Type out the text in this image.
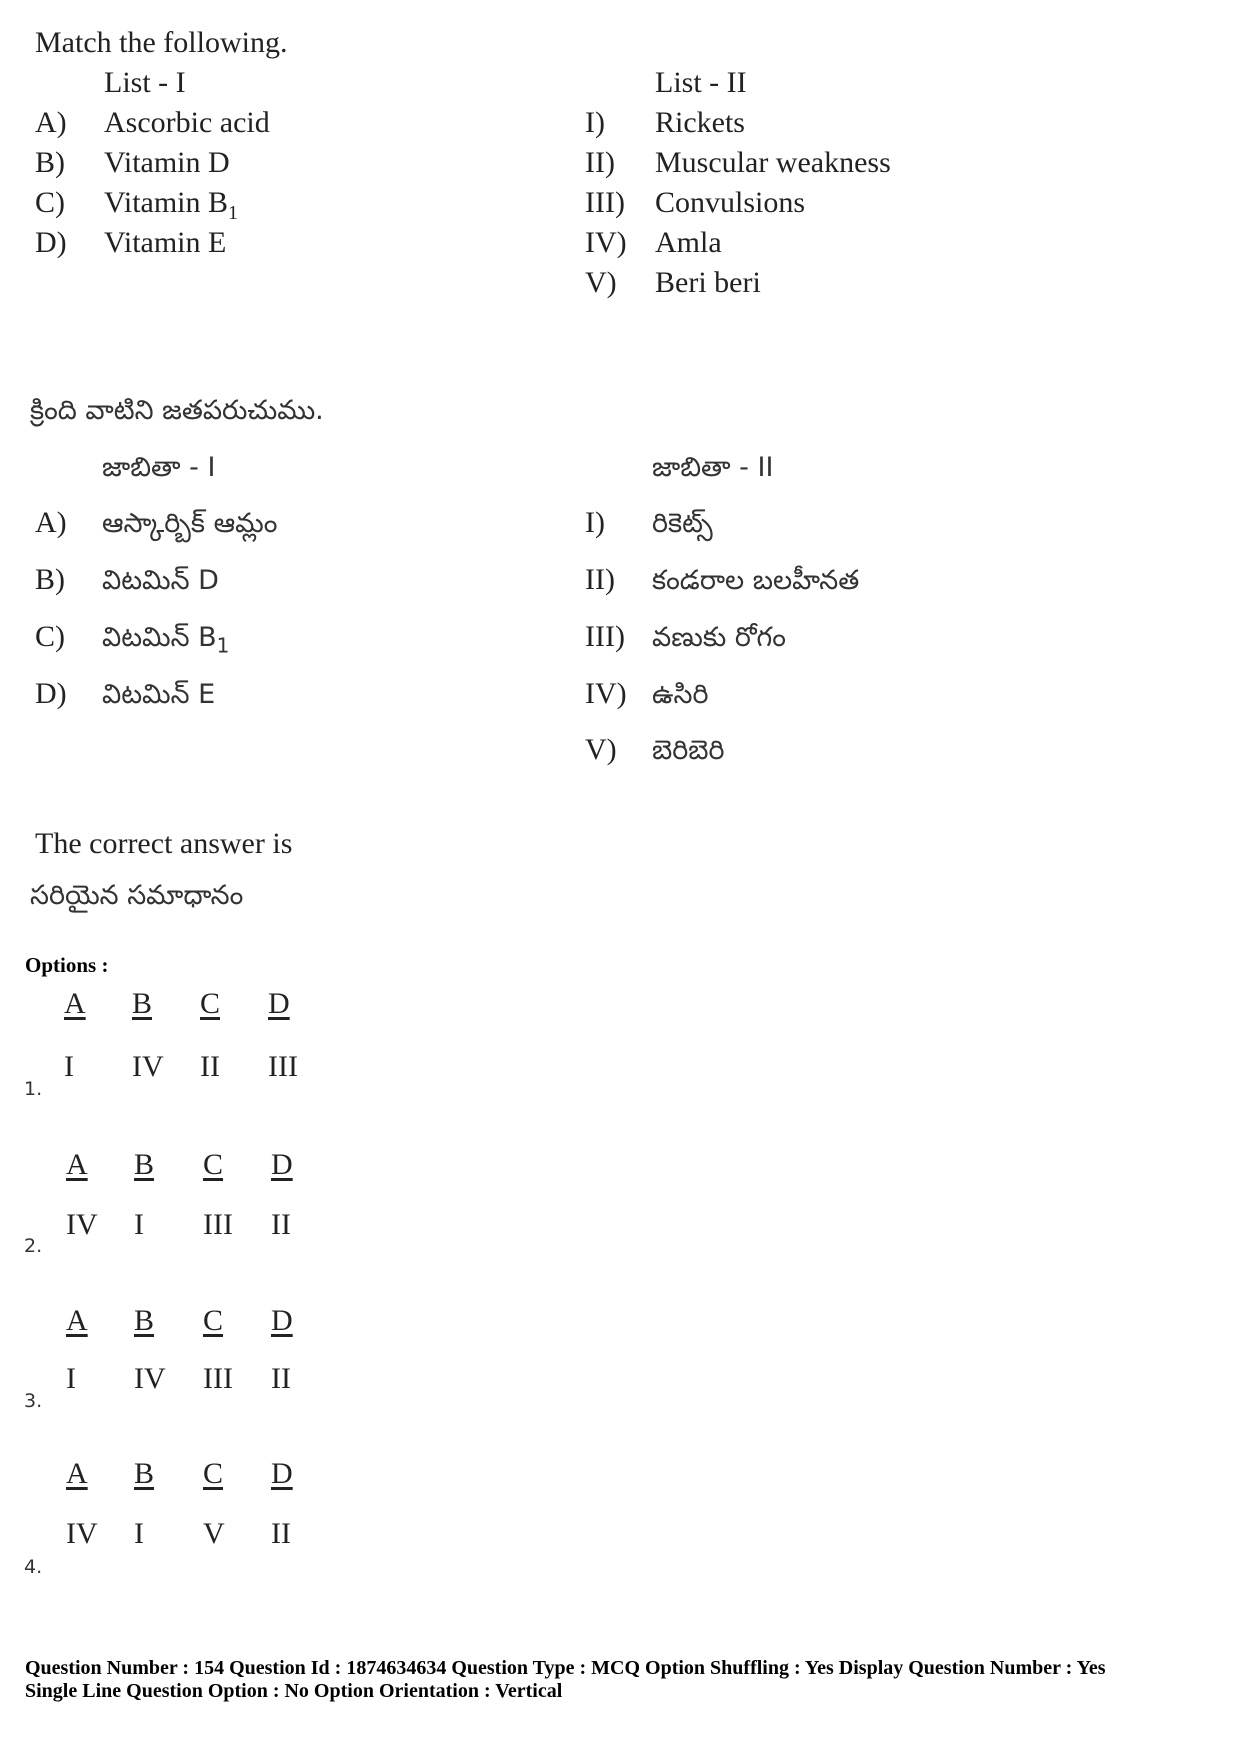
Match the following.
List - I	List - II
A) Ascorbic acid
B) Vitamin D
C) Vitamin $B_1$
D) Vitamin E
I) Rickets
II) Muscular weakness
III) Convulsions
IV) Amla
V) Beri beri
క్రింది వాటిని జతపరుచుము.
జాబితా - I	జాబితా - II
A) ఆస్కార్బిక్ ఆమ్లం
B) విటమిన్ D
C) విటమిన్ $B_1$
D) విటమిన్ E
I) రికెట్స్
II) కండరాల బలహీనత
III) వణుకు రోగం
IV) ఉసిరి
V) బెరిబెరి
The correct answer is
సరియైన సమాధానం
Options :
A B C D
I IV II III
1.
A B C D
IV I III II
2.
A B C D
I IV III II
3.
A B C D
IV I V II
4.
Question Number : 154 Question Id : 1874634634 Question Type : MCQ Option Shuffling : Yes Display Question Number : Yes
Single Line Question Option : No Option Orientation : Vertical
